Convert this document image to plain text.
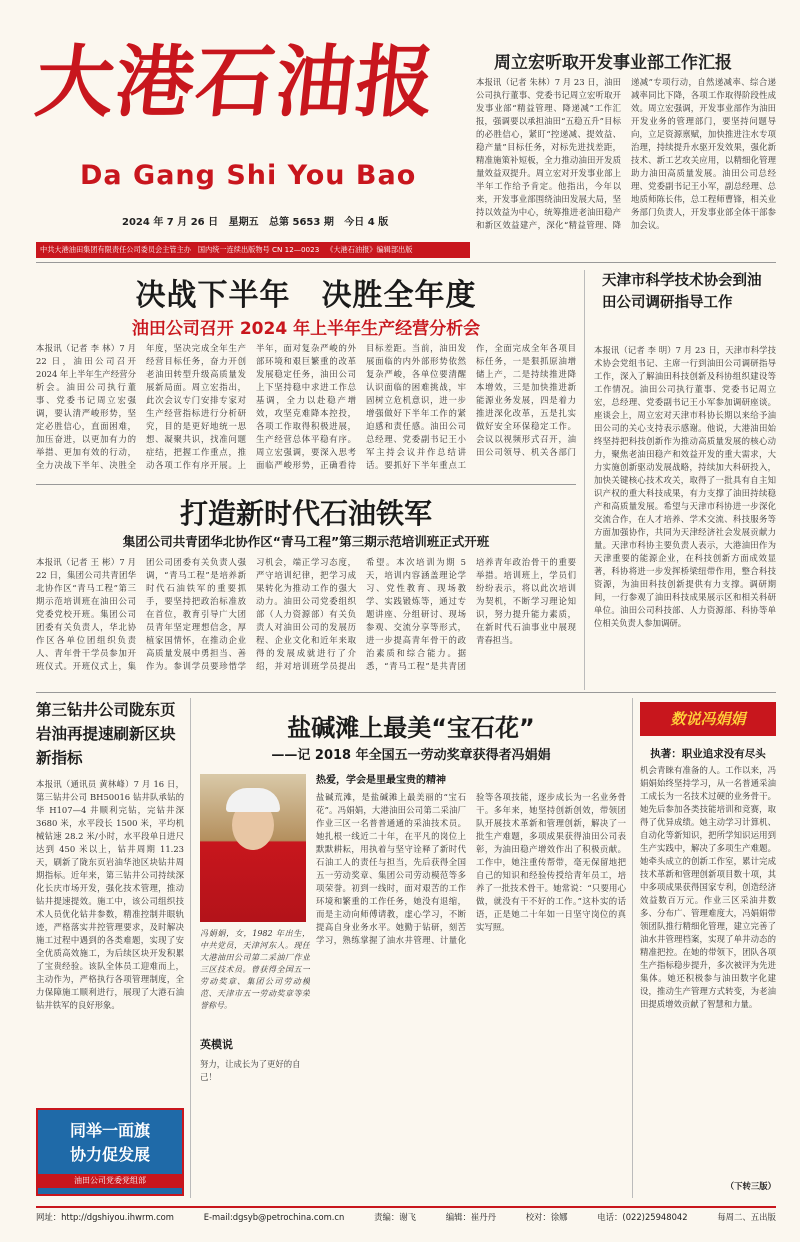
大港石油报
Da Gang Shi You Bao
2024 年 7 月 26 日 星期五 总第 5653 期 今日 4 版
中共大港油田集团有限责任公司委员会主管主办 国内统一连续出版物号 CN 12—0023 《大港石油报》编辑部出版
周立宏听取开发事业部工作汇报
本报讯（记者 朱林）7 月 23 日，油田公司执行董事、党委书记周立宏听取开发事业部“精益管理、降递减”工作汇报，强调要以承担油田“五稳五升”目标的必胜信心，紧盯“控递减、提效益、稳产量”目标任务，对标先进找差距，精准施策补短板，全力推动油田开发质量效益双提升。周立宏对开发事业部上半年工作给予肯定。他指出，今年以来，开发事业部围绕油田发展大局，坚持以效益为中心，统筹推进老油田稳产和新区效益建产，深化“精益管理、降递减”专项行动，自然递减率、综合递减率同比下降，各项工作取得阶段性成效。周立宏强调，开发事业部作为油田开发业务的管理部门，要坚持问题导向，立足资源禀赋，加快推进注水专项治理，持续提升水驱开发效果，强化新技术、新工艺攻关应用，以精细化管理助力油田高质量发展。油田公司总经理、党委副书记王小军，副总经理、总地质师陈长伟，总工程师曹锋，相关业务部门负责人，开发事业部全体干部参加会议。
决战下半年　决胜全年度
油田公司召开 2024 年上半年生产经营分析会
本报讯（记者 李 林）7 月 22 日，油田公司召开 2024 年上半年生产经营分析会。油田公司执行董事、党委书记周立宏强调，要认清严峻形势，坚定必胜信心，直面困难，加压奋进，以更加有力的举措、更加有效的行动，全力决战下半年、决胜全年度，坚决完成全年生产经营目标任务，奋力开创老油田转型升级高质量发展新局面。周立宏指出，此次会议专门安排专家对生产经营指标进行分析研究，目的是更好地统一思想、凝聚共识，找准问题症结，把握工作重点，推动各项工作有序开展。上半年，面对复杂严峻的外部环境和艰巨繁重的改革发展稳定任务，油田公司上下坚持稳中求进工作总基调，全力以赴稳产增效，攻坚克难降本控投，各项工作取得积极进展，生产经营总体平稳有序。周立宏强调，要深入思考面临严峻形势，正确看待目标差距。当前，油田发展面临的内外部形势依然复杂严峻，各单位要清醒认识面临的困难挑战，牢固树立危机意识，进一步增强做好下半年工作的紧迫感和责任感。油田公司总经理、党委副书记王小军主持会议并作总结讲话。要抓好下半年重点工作，全面完成全年各项目标任务，一是狠抓原油增储上产，二是持续推进降本增效，三是加快推进新能源业务发展，四是着力推进深化改革，五是扎实做好安全环保稳定工作。会议以视频形式召开，油田公司领导、机关各部门
天津市科学技术协会到油田公司调研指导工作
本报讯（记者 李 明）7 月 23 日，天津市科学技术协会党组书记、主席一行到油田公司调研指导工作，深入了解油田科技创新及科协组织建设等工作情况。油田公司执行董事、党委书记周立宏，总经理、党委副书记王小军参加调研座谈。座谈会上，周立宏对天津市科协长期以来给予油田公司的关心支持表示感谢。他说，大港油田始终坚持把科技创新作为推动高质量发展的核心动力，聚焦老油田稳产和效益开发的重大需求，大力实施创新驱动发展战略，持续加大科研投入，加快关键核心技术攻关，取得了一批具有自主知识产权的重大科技成果，有力支撑了油田持续稳产和高质量发展。希望与天津市科协进一步深化交流合作，在人才培养、学术交流、科技服务等方面加强协作，共同为天津经济社会发展贡献力量。天津市科协主要负责人表示，大港油田作为天津重要的能源企业，在科技创新方面成效显著，科协将进一步发挥桥梁纽带作用，整合科技资源，为油田科技创新提供有力支撑。调研期间，一行参观了油田科技成果展示区和相关科研单位。油田公司科技部、人力资源部、科协等单位相关负责人参加调研。
打造新时代石油铁军
集团公司共青团华北协作区“青马工程”第三期示范培训班正式开班
本报讯（记者 王 彬）7 月 22 日，集团公司共青团华北协作区“青马工程”第三期示范培训班在油田公司党委党校开班。集团公司团委有关负责人，华北协作区各单位团组织负责人、青年骨干学员参加开班仪式。开班仪式上，集团公司团委有关负责人强调，“青马工程”是培养新时代石油铁军的重要抓手，要坚持把政治标准放在首位，教育引导广大团员青年坚定理想信念，厚植家国情怀，在推动企业高质量发展中勇担当、善作为。参训学员要珍惜学习机会，端正学习态度，严守培训纪律，把学习成果转化为推动工作的强大动力。油田公司党委组织部（人力资源部）有关负责人对油田公司的发展历程、企业文化和近年来取得的发展成就进行了介绍，并对培训班学员提出希望。本次培训为期 5 天，培训内容涵盖理论学习、党性教育、现场教学、实践锻炼等，通过专题讲座、分组研讨、现场参观、交流分享等形式，进一步提高青年骨干的政治素质和综合能力。据悉，“青马工程”是共青团培养青年政治骨干的重要举措。培训班上，学员们纷纷表示，将以此次培训为契机，不断学习理论知识，努力提升能力素质，在新时代石油事业中展现青春担当。
第三钻井公司陇东页岩油再提速刷新区块新指标
本报讯（通讯员 黄林峰）7 月 16 日，第三钻井公司 BH50016 钻井队承钻的华 H107—4 井顺利完钻，完钻井深 3680 米，水平段长 1500 米，平均机械钻速 28.2 米/小时，水平段单日进尺达到 450 米以上，钻井周期 11.23 天，刷新了陇东页岩油华池区块钻井周期指标。近年来，第三钻井公司持续深化长庆市场开发，强化技术管理，推动钻井提速提效。施工中，该公司组织技术人员优化钻井参数，精准控制井眼轨迹，严格落实井控管理要求，及时解决施工过程中遇到的各类难题，实现了安全优质高效施工，为后续区块开发积累了宝贵经验。该队全体员工迎难而上，主动作为，严格执行各项管理制度，全力保障施工顺利进行，展现了大港石油钻井铁军的良好形象。
同举一面旗
协力促发展
油田公司党委党组部
盐碱滩上最美“宝石花”
——记 2018 年全国五一劳动奖章获得者冯娟娟
冯娟娟，女，1982 年出生，中共党员，天津河东人。现任大港油田公司第二采油厂作业三区技术员。曾获得全国五一劳动奖章、集团公司劳动模范、天津市五一劳动奖章等荣誉称号。
英模说
努力，让成长为了更好的自己！
热爱，学会是里最宝贵的精神
盐碱荒滩，是盐碱滩上最美丽的“宝石花”。冯娟娟，大港油田公司第二采油厂作业三区一名普普通通的采油技术员。她扎根一线近二十年，在平凡的岗位上默默耕耘，用执着与坚守诠释了新时代石油工人的责任与担当，先后获得全国五一劳动奖章、集团公司劳动模范等多项荣誉。初到一线时，面对艰苦的工作环境和繁重的工作任务，她没有退缩，而是主动向师傅请教，虚心学习，不断提高自身业务水平。她勤于钻研，刻苦学习，熟练掌握了油水井管理、计量化验等各项技能，逐步成长为一名业务骨干。多年来，她坚持创新创效，带领团队开展技术革新和管理创新，解决了一批生产难题，多项成果获得油田公司表彰，为油田稳产增效作出了积极贡献。工作中，她注重传帮带，毫无保留地把自己的知识和经验传授给青年员工，培养了一批技术骨干。她常说：“只要用心做，就没有干不好的工作。”这朴实的话语，正是她二十年如一日坚守岗位的真实写照。
数说冯娟娟
执著：职业追求没有尽头
机会青睐有准备的人。工作以来，冯娟娟始终坚持学习，从一名普通采油工成长为一名技术过硬的业务骨干。她先后参加各类技能培训和竞赛，取得了优异成绩。她主动学习计算机、自动化等新知识，把所学知识运用到生产实践中，解决了多项生产难题。她牵头成立的创新工作室，累计完成技术革新和管理创新项目数十项，其中多项成果获得国家专利，创造经济效益数百万元。作业三区采油井数多、分布广、管理难度大，冯娟娟带领团队推行精细化管理，建立完善了油水井管理档案，实现了单井动态的精准把控。在她的带领下，团队各项生产指标稳步提升，多次被评为先进集体。她还积极参与油田数字化建设，推动生产管理方式转变，为老油田提质增效贡献了智慧和力量。
（下转三版）
网址：http://dgshiyou.ihwrm.com	E-mail:dgsyb@petrochina.com.cn	责编：谢飞	编辑：崔丹丹	校对：徐娜	电话：(022)25948042	每周二、五出版
